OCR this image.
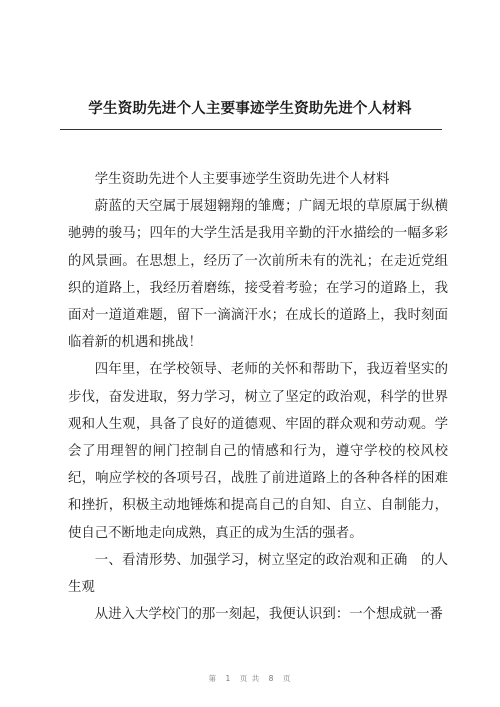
学生资助先进个人主要事迹学生资助先进个人材料

学生资助先进个人主要事迹学生资助先进个人材料

蔚蓝的天空属于展翅翱翔的雏鹰；广阔无垠的草原属于纵横驰骋的骏马；四年的大学生活是我用辛勤的汗水描绘的一幅多彩的风景画。在思想上，经历了一次前所未有的洗礼；在走近党组织的道路上，我经历着磨练，接受着考验；在学习的道路上，我面对一道道难题，留下一滴滴汗水；在成长的道路上，我时刻面临着新的机遇和挑战！

四年里，在学校领导、老师的关怀和帮助下，我迈着坚实的步伐，奋发进取，努力学习，树立了坚定的政治观，科学的世界观和人生观，具备了良好的道德观、牢固的群众观和劳动观。学会了用理智的闸门控制自己的情感和行为，遵守学校的校风校纪，响应学校的各项号召，战胜了前进道路上的各种各样的困难和挫折，积极主动地锤炼和提高自己的自知、自立、自制能力，使自己不断地走向成熟，真正的成为生活的强者。

一、看清形势、加强学习，树立坚定的政治观和正确　的人生观

从进入大学校门的那一刻起，我便认识到：一个想成就一番

第　1　页 共　8　页
